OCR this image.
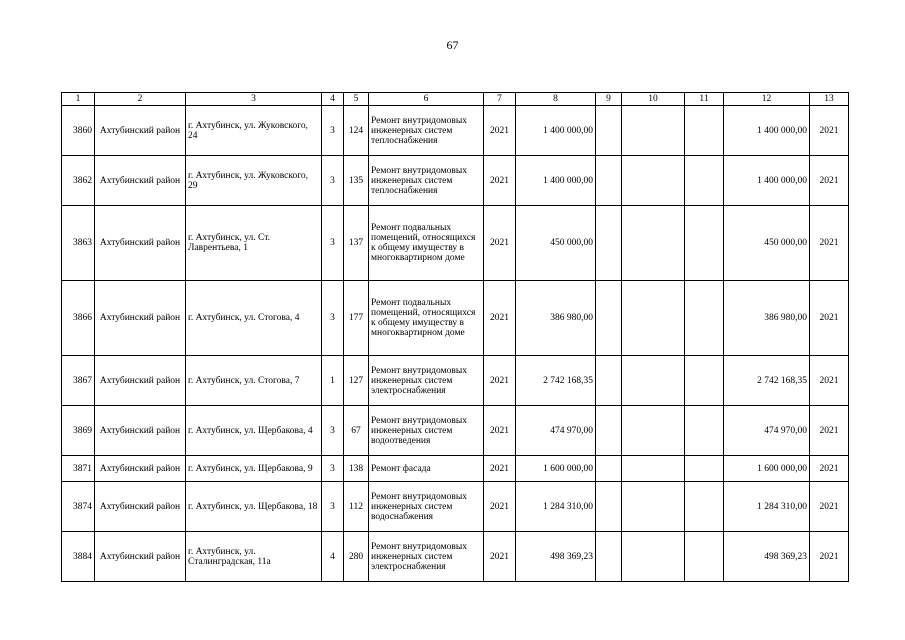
67
1	2	3	4	5	6	7	8	9	10	11	12	13
3860	Ахтубинский район	г. Ахтубинск, ул. Жуковского, 24	3	124	Ремонт внутридомовых инженерных систем теплоснабжения	2021	1 400 000,00				1 400 000,00	2021
3862	Ахтубинский район	г. Ахтубинск, ул. Жуковского, 29	3	135	Ремонт внутридомовых инженерных систем теплоснабжения	2021	1 400 000,00				1 400 000,00	2021
3863	Ахтубинский район	г. Ахтубинск, ул. Ст. Лаврентьева, 1	3	137	Ремонт подвальных помещений, относящихся к общему имуществу в многоквартирном доме	2021	450 000,00				450 000,00	2021
3866	Ахтубинский район	г. Ахтубинск, ул. Стогова, 4	3	177	Ремонт подвальных помещений, относящихся к общему имуществу в многоквартирном доме	2021	386 980,00				386 980,00	2021
3867	Ахтубинский район	г. Ахтубинск, ул. Стогова, 7	1	127	Ремонт внутридомовых инженерных систем электроснабжения	2021	2 742 168,35				2 742 168,35	2021
3869	Ахтубинский район	г. Ахтубинск, ул. Щербакова, 4	3	67	Ремонт внутридомовых инженерных систем водоотведения	2021	474 970,00				474 970,00	2021
3871	Ахтубинский район	г. Ахтубинск, ул. Щербакова, 9	3	138	Ремонт фасада	2021	1 600 000,00				1 600 000,00	2021
3874	Ахтубинский район	г. Ахтубинск, ул. Щербакова, 18	3	112	Ремонт внутридомовых инженерных систем водоснабжения	2021	1 284 310,00				1 284 310,00	2021
3884	Ахтубинский район	г. Ахтубинск, ул. Сталинградская, 11а	4	280	Ремонт внутридомовых инженерных систем электроснабжения	2021	498 369,23				498 369,23	2021
